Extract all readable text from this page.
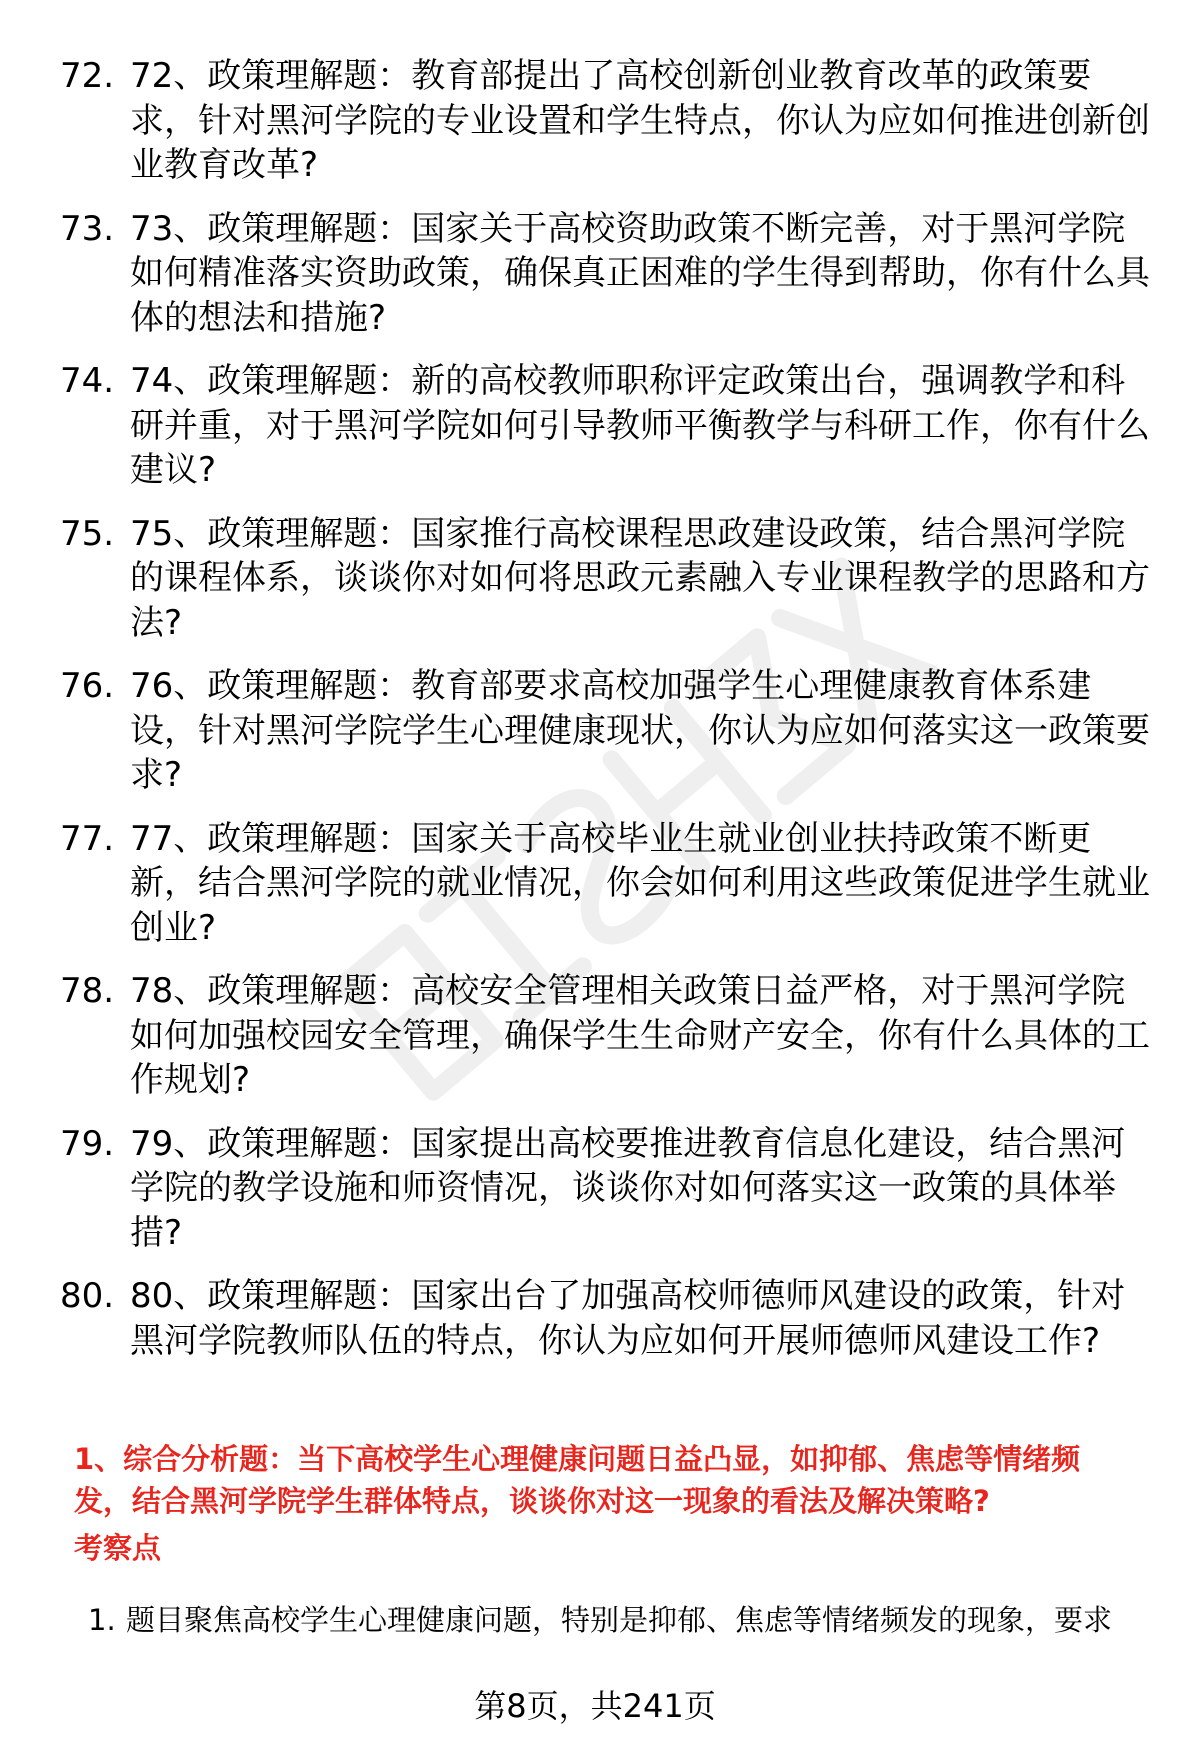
72. 72、政策理解题：教育部提出了高校创新创业教育改革的政策要求，针对黑河学院的专业设置和学生特点，你认为应如何推进创新创业教育改革?
73. 73、政策理解题：国家关于高校资助政策不断完善，对于黑河学院如何精准落实资助政策，确保真正困难的学生得到帮助，你有什么具体的想法和措施?
74. 74、政策理解题：新的高校教师职称评定政策出台，强调教学和科研并重，对于黑河学院如何引导教师平衡教学与科研工作，你有什么建议?
75. 75、政策理解题：国家推行高校课程思政建设政策，结合黑河学院的课程体系，谈谈你对如何将思政元素融入专业课程教学的思路和方法?
76. 76、政策理解题：教育部要求高校加强学生心理健康教育体系建设，针对黑河学院学生心理健康现状，你认为应如何落实这一政策要求?
77. 77、政策理解题：国家关于高校毕业生就业创业扶持政策不断更新，结合黑河学院的就业情况，你会如何利用这些政策促进学生就业创业?
78. 78、政策理解题：高校安全管理相关政策日益严格，对于黑河学院如何加强校园安全管理，确保学生生命财产安全，你有什么具体的工作规划?
79. 79、政策理解题：国家提出高校要推进教育信息化建设，结合黑河学院的教学设施和师资情况，谈谈你对如何落实这一政策的具体举措?
80. 80、政策理解题：国家出台了加强高校师德师风建设的政策，针对黑河学院教师队伍的特点，你认为应如何开展师德师风建设工作?
1、综合分析题：当下高校学生心理健康问题日益凸显，如抑郁、焦虑等情绪频发，结合黑河学院学生群体特点，谈谈你对这一现象的看法及解决策略?
考察点
1. 题目聚焦高校学生心理健康问题，特别是抑郁、焦虑等情绪频发的现象，要求
第8页，共241页
